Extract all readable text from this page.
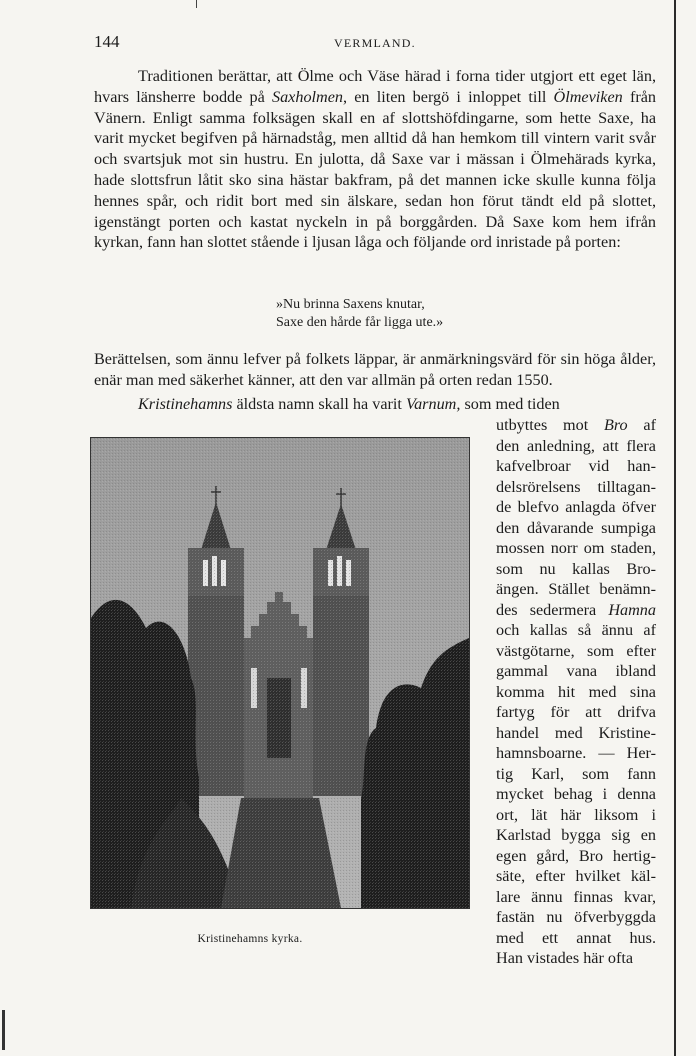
144	VERMLAND.

Traditionen berättar, att Ölme och Väse härad i forna tider utgjort ett eget län, hvars länsherre bodde på Saxholmen, en liten bergö i inloppet till Ölmeviken från Vänern. Enligt samma folksägen skall en af slottshöfdingarne, som hette Saxe, ha varit mycket begifven på härnadståg, men alltid då han hemkom till vintern varit svår och svartsjuk mot sin hustru. En julotta, då Saxe var i mässan i Ölmehärads kyrka, hade slottsfrun låtit sko sina hästar bakfram, på det mannen icke skulle kunna följa hennes spår, och ridit bort med sin älskare, sedan hon förut tändt eld på slottet, igenstängt porten och kastat nyckeln in på borggården. Då Saxe kom hem ifrån kyrkan, fann han slottet stående i ljusan låga och följande ord inristade på porten:

»Nu brinna Saxens knutar,
Saxe den hårde får ligga ute.»

Berättelsen, som ännu lefver på folkets läppar, är anmärkningsvärd för sin höga ålder, enär man med säkerhet känner, att den var allmän på orten redan 1550.

Kristinehamns äldsta namn skall ha varit Varnum, som med tiden
utbyttes mot Bro af
den anledning, att flera
kafvelbroar vid han-
delsrörelsens tilltagan-
de blefvo anlagda öfver
den dåvarande sumpiga
mossen norr om staden,
som nu kallas Bro-
ängen. Stället benämn-
des sedermera Hamna
och kallas så ännu af
västgötarne, som efter
gammal vana ibland
komma hit med sina
fartyg för att drifva
handel med Kristine-
hamnsboarne. — Her-
tig Karl, som fann
mycket behag i denna
ort, lät här liksom i
Karlstad bygga sig en
egen gård, Bro hertig-
säte, efter hvilket käl-
lare ännu finnas kvar,
fastän nu öfverbyggda
med ett annat hus.
Han vistades här ofta
Kristinehamns kyrka.
